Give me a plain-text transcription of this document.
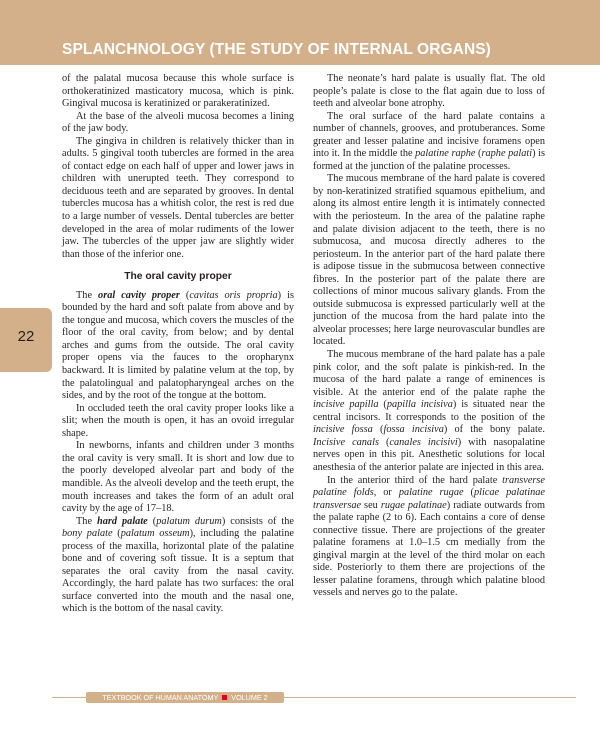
SPLANCHNOLOGY (THE STUDY OF INTERNAL ORGANS)
22

of the palatal mucosa because this whole surface is orthokeratinized masticatory mucosa, which is pink. Gingival mucosa is keratinized or parakeratinized.

At the base of the alveoli mucosa becomes a lining of the jaw body.

The gingiva in children is relatively thicker than in adults. 5 gingival tooth tubercles are formed in the area of contact edge on each half of upper and lower jaws in children with unerupted teeth. They correspond to deciduous teeth and are separated by grooves. In dental tubercles mucosa has a whitish color, the rest is red due to a large number of vessels. Dental tubercles are better developed in the area of molar rudiments of the lower jaw. The tubercles of the upper jaw are slightly wider than those of the inferior one.

The oral cavity proper

The oral cavity proper (cavitas oris propria) is bounded by the hard and soft palate from above and by the tongue and mucosa, which covers the muscles of the floor of the oral cavity, from below; and by dental arches and gums from the outside. The oral cavity proper opens via the fauces to the oropharynx backward. It is limited by palatine velum at the top, by the palatolingual and palatopharyngeal arches on the sides, and by the root of the tongue at the bottom.

In occluded teeth the oral cavity proper looks like a slit; when the mouth is open, it has an ovoid irregular shape.

In newborns, infants and children under 3 months the oral cavity is very small. It is short and low due to the poorly developed alveolar part and body of the mandible. As the alveoli develop and the teeth erupt, the mouth increases and takes the form of an adult oral cavity by the age of 17–18.

The hard palate (palatum durum) consists of the bony palate (palatum osseum), including the palatine process of the maxilla, horizontal plate of the palatine bone and of covering soft tissue. It is a septum that separates the oral cavity from the nasal cavity. Accordingly, the hard palate has two surfaces: the oral surface converted into the mouth and the nasal one, which is the bottom of the nasal cavity.

The neonate’s hard palate is usually flat. The old people’s palate is close to the flat again due to loss of teeth and alveolar bone atrophy.

The oral surface of the hard palate contains a number of channels, grooves, and protuberances. Some greater and lesser palatine and incisive foramens open into it. In the middle the palatine raphe (raphe palati) is formed at the junction of the palatine processes.

The mucous membrane of the hard palate is covered by non-keratinized stratified squamous epithelium, and along its almost entire length it is intimately connected with the periosteum. In the area of the palatine raphe and palate division adjacent to the teeth, there is no submucosa, and mucosa directly adheres to the periosteum. In the anterior part of the hard palate there is adipose tissue in the submucosa between connective fibres. In the posterior part of the palate there are collections of minor mucous salivary glands. From the outside submucosa is expressed particularly well at the junction of the mucosa from the hard palate into the alveolar processes; here large neurovascular bundles are located.

The mucous membrane of the hard palate has a pale pink color, and the soft palate is pinkish-red. In the mucosa of the hard palate a range of eminences is visible. At the anterior end of the palate raphe the incisive papilla (papilla incisiva) is situated near the central incisors. It corresponds to the position of the incisive fossa (fossa incisiva) of the bony palate. Incisive canals (canales incisivi) with nasopalatine nerves open in this pit. Anesthetic solutions for local anesthesia of the anterior palate are injected in this area.

In the anterior third of the hard palate transverse palatine folds, or palatine rugae (plicae palatinae transversae seu rugae palatinae) radiate outwards from the palate raphe (2 to 6). Each contains a core of dense connective tissue. There are projections of the greater palatine foramens at 1.0–1.5 cm medially from the gingival margin at the level of the third molar on each side. Posteriorly to them there are projections of the lesser palatine foramens, through which palatine blood vessels and nerves go to the palate.

TEXTBOOK OF HUMAN ANATOMY VOLUME 2
